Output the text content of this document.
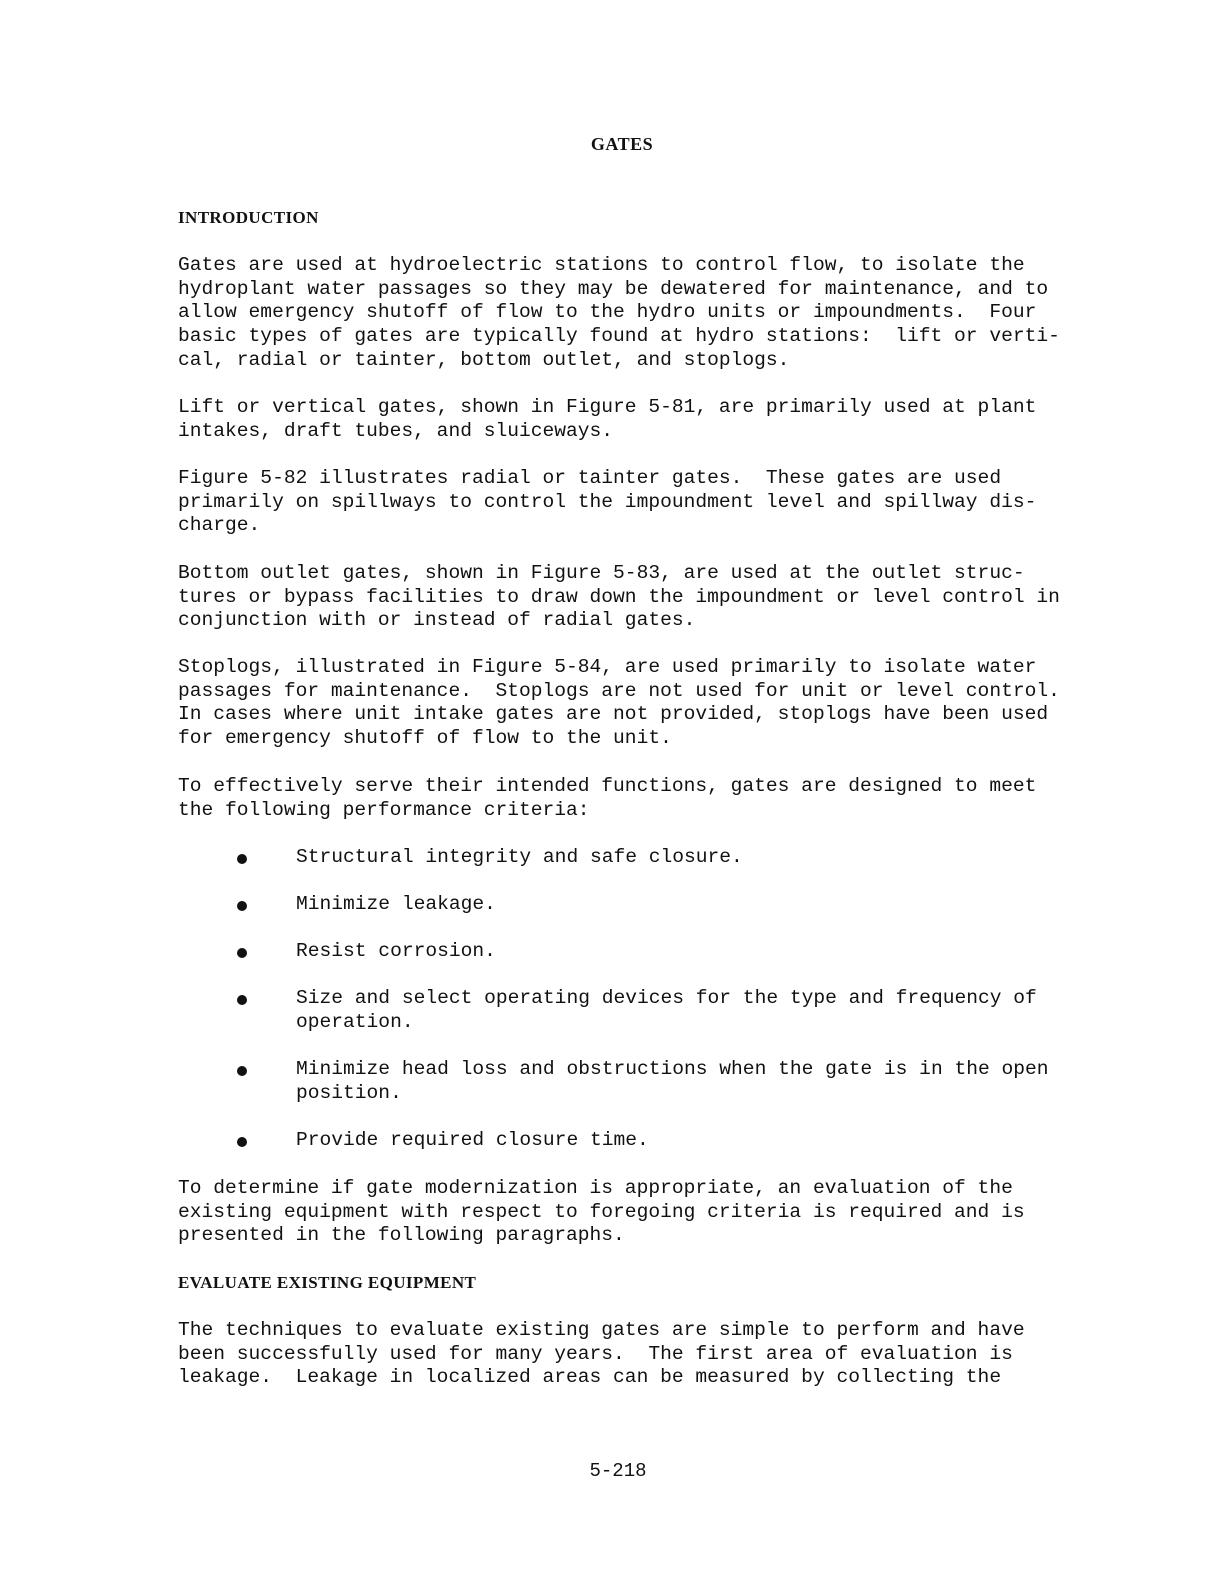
GATES
INTRODUCTION

Gates are used at hydroelectric stations to control flow, to isolate the
hydroplant water passages so they may be dewatered for maintenance, and to
allow emergency shutoff of flow to the hydro units or impoundments.  Four
basic types of gates are typically found at hydro stations:  lift or verti-
cal, radial or tainter, bottom outlet, and stoplogs.

Lift or vertical gates, shown in Figure 5-81, are primarily used at plant
intakes, draft tubes, and sluiceways.

Figure 5-82 illustrates radial or tainter gates.  These gates are used
primarily on spillways to control the impoundment level and spillway dis-
charge.

Bottom outlet gates, shown in Figure 5-83, are used at the outlet struc-
tures or bypass facilities to draw down the impoundment or level control in
conjunction with or instead of radial gates.

Stoplogs, illustrated in Figure 5-84, are used primarily to isolate water
passages for maintenance.  Stoplogs are not used for unit or level control.
In cases where unit intake gates are not provided, stoplogs have been used
for emergency shutoff of flow to the unit.

To effectively serve their intended functions, gates are designed to meet
the following performance criteria:

Structural integrity and safe closure.

Minimize leakage.

Resist corrosion.

Size and select operating devices for the type and frequency of
operation.

Minimize head loss and obstructions when the gate is in the open
position.

Provide required closure time.

To determine if gate modernization is appropriate, an evaluation of the
existing equipment with respect to foregoing criteria is required and is
presented in the following paragraphs.

EVALUATE EXISTING EQUIPMENT

The techniques to evaluate existing gates are simple to perform and have
been successfully used for many years.  The first area of evaluation is
leakage.  Leakage in localized areas can be measured by collecting the

5-218
